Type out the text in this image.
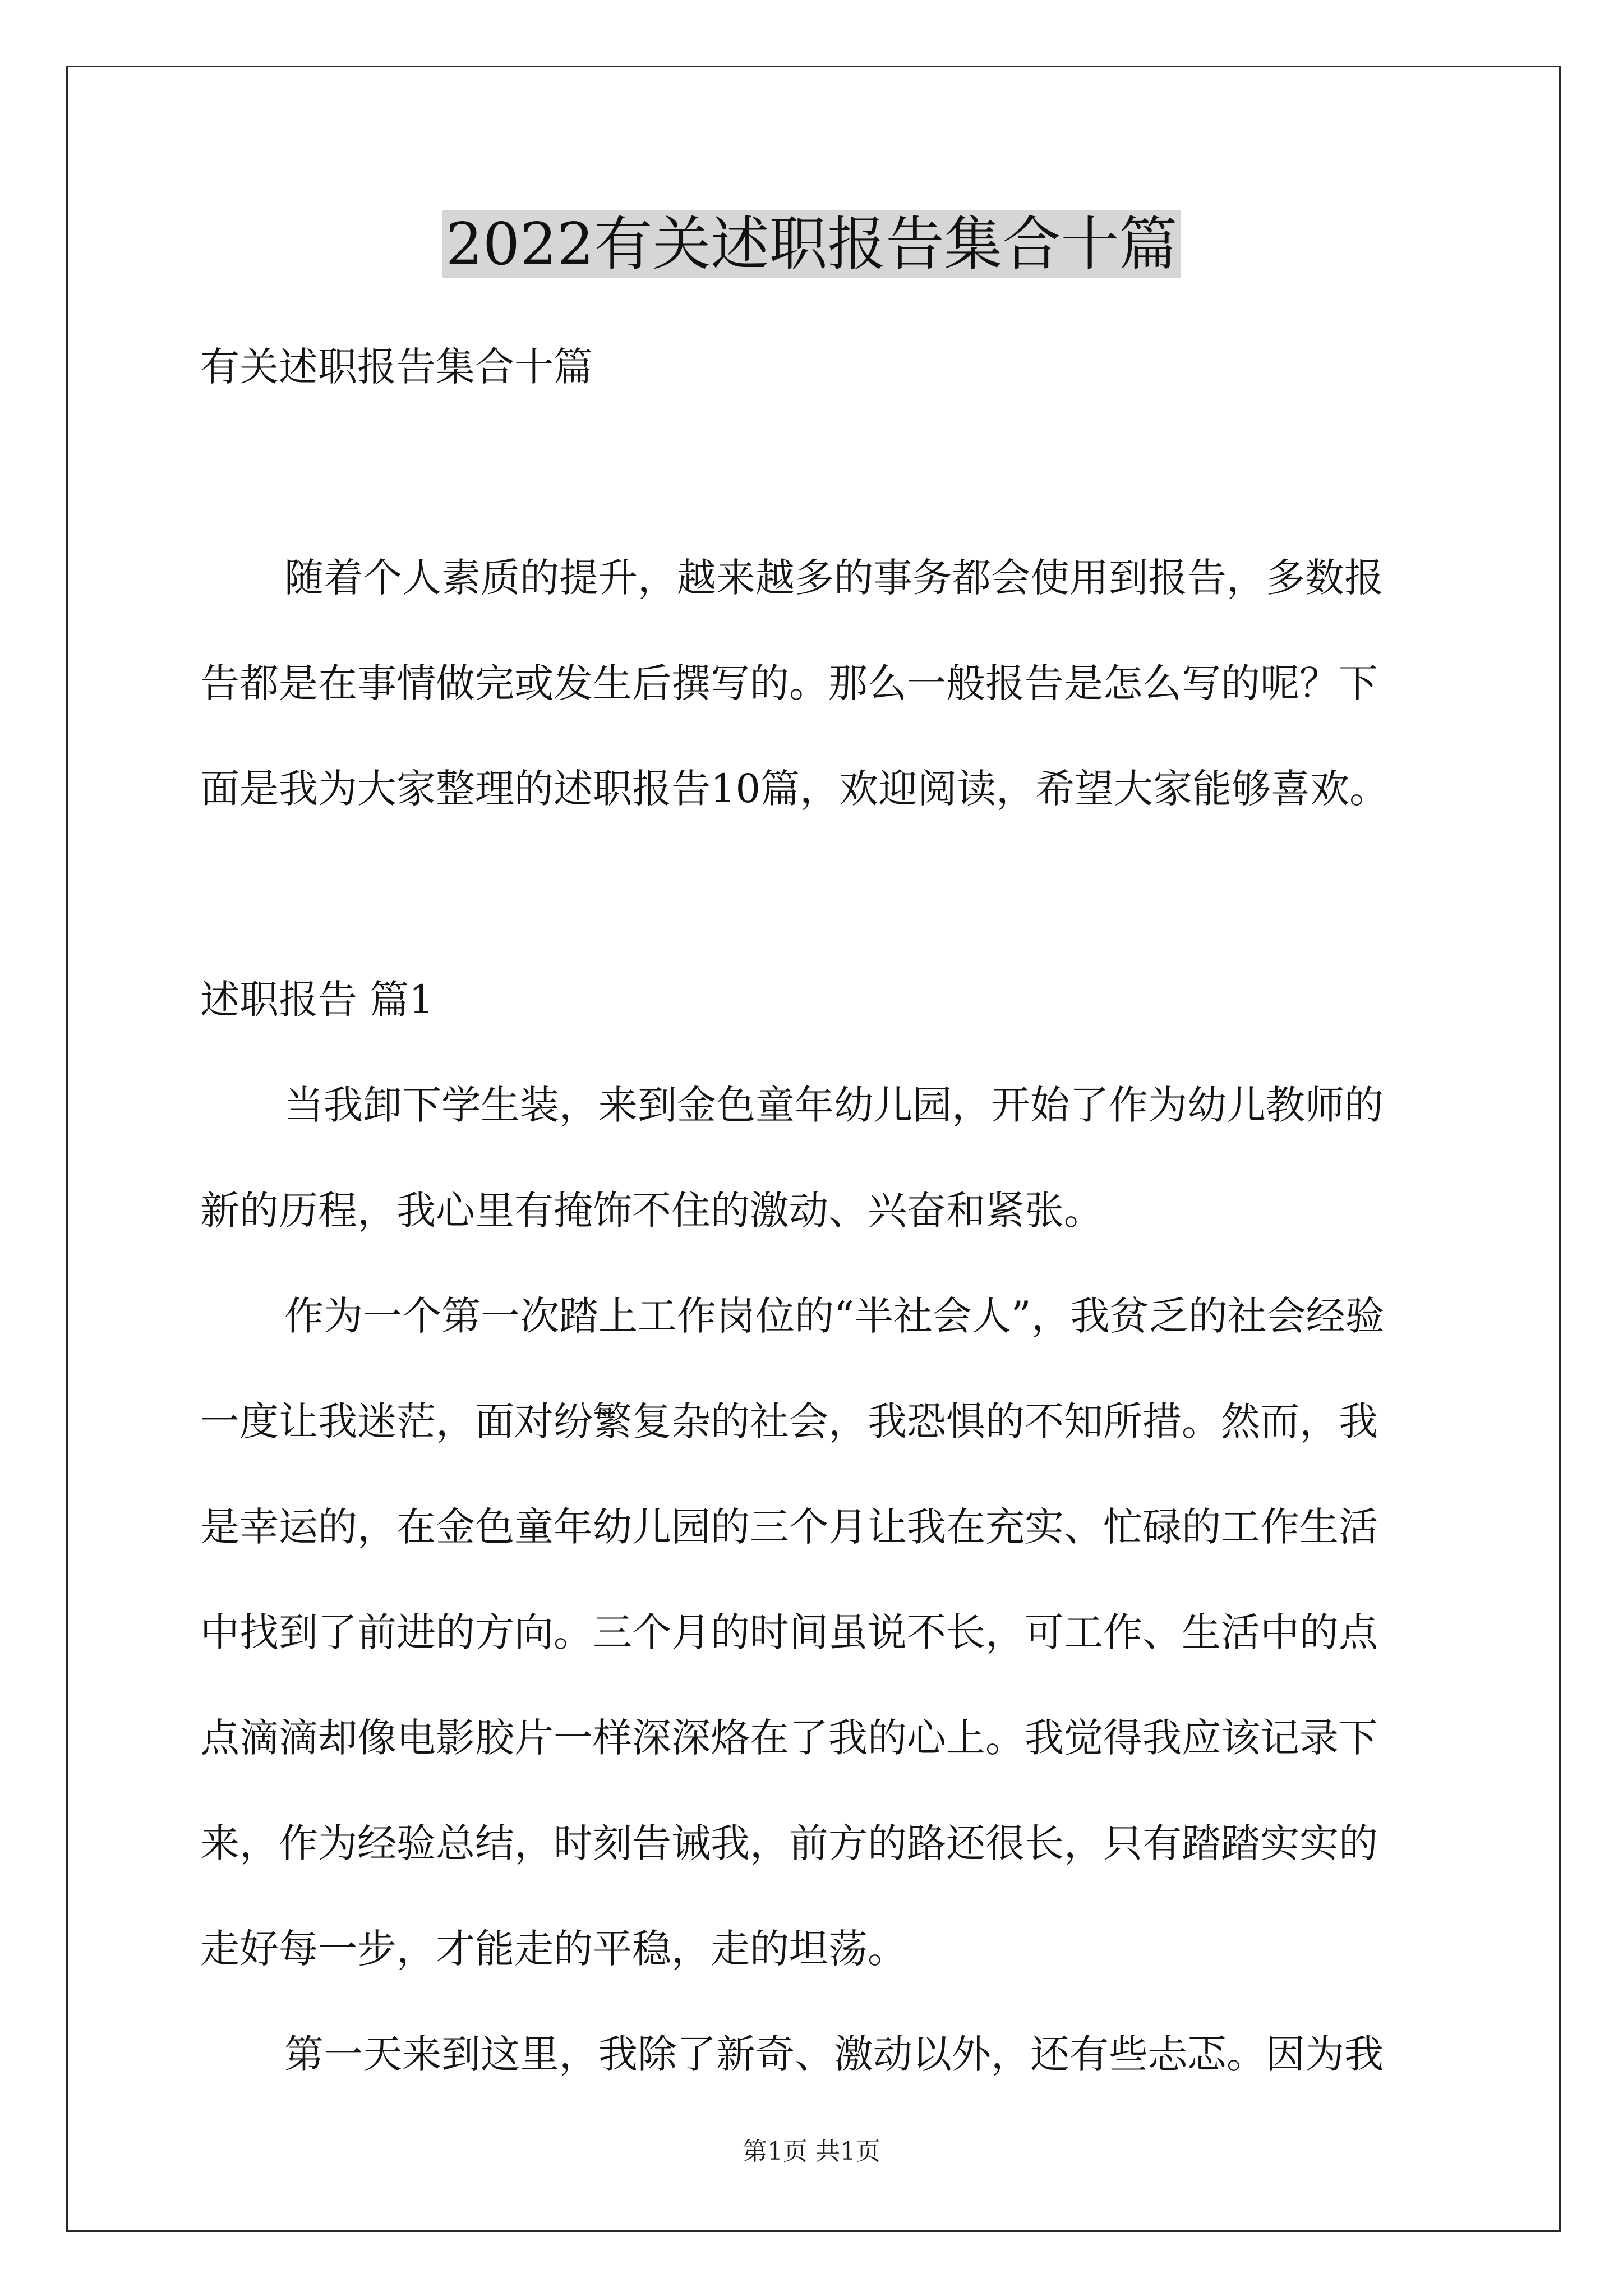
2022有关述职报告集合十篇
有关述职报告集合十篇
随着个人素质的提升，越来越多的事务都会使用到报告，多数报
告都是在事情做完或发生后撰写的。那么一般报告是怎么写的呢？下
面是我为大家整理的述职报告10篇，欢迎阅读，希望大家能够喜欢。
述职报告 篇1
当我卸下学生装，来到金色童年幼儿园，开始了作为幼儿教师的
新的历程，我心里有掩饰不住的激动、兴奋和紧张。
作为一个第一次踏上工作岗位的“半社会人”，我贫乏的社会经验
一度让我迷茫，面对纷繁复杂的社会，我恐惧的不知所措。然而，我
是幸运的，在金色童年幼儿园的三个月让我在充实、忙碌的工作生活
中找到了前进的方向。三个月的时间虽说不长，可工作、生活中的点
点滴滴却像电影胶片一样深深烙在了我的心上。我觉得我应该记录下
来，作为经验总结，时刻告诫我，前方的路还很长，只有踏踏实实的
走好每一步，才能走的平稳，走的坦荡。
第一天来到这里，我除了新奇、激动以外，还有些忐忑。因为我
第1页 共1页
